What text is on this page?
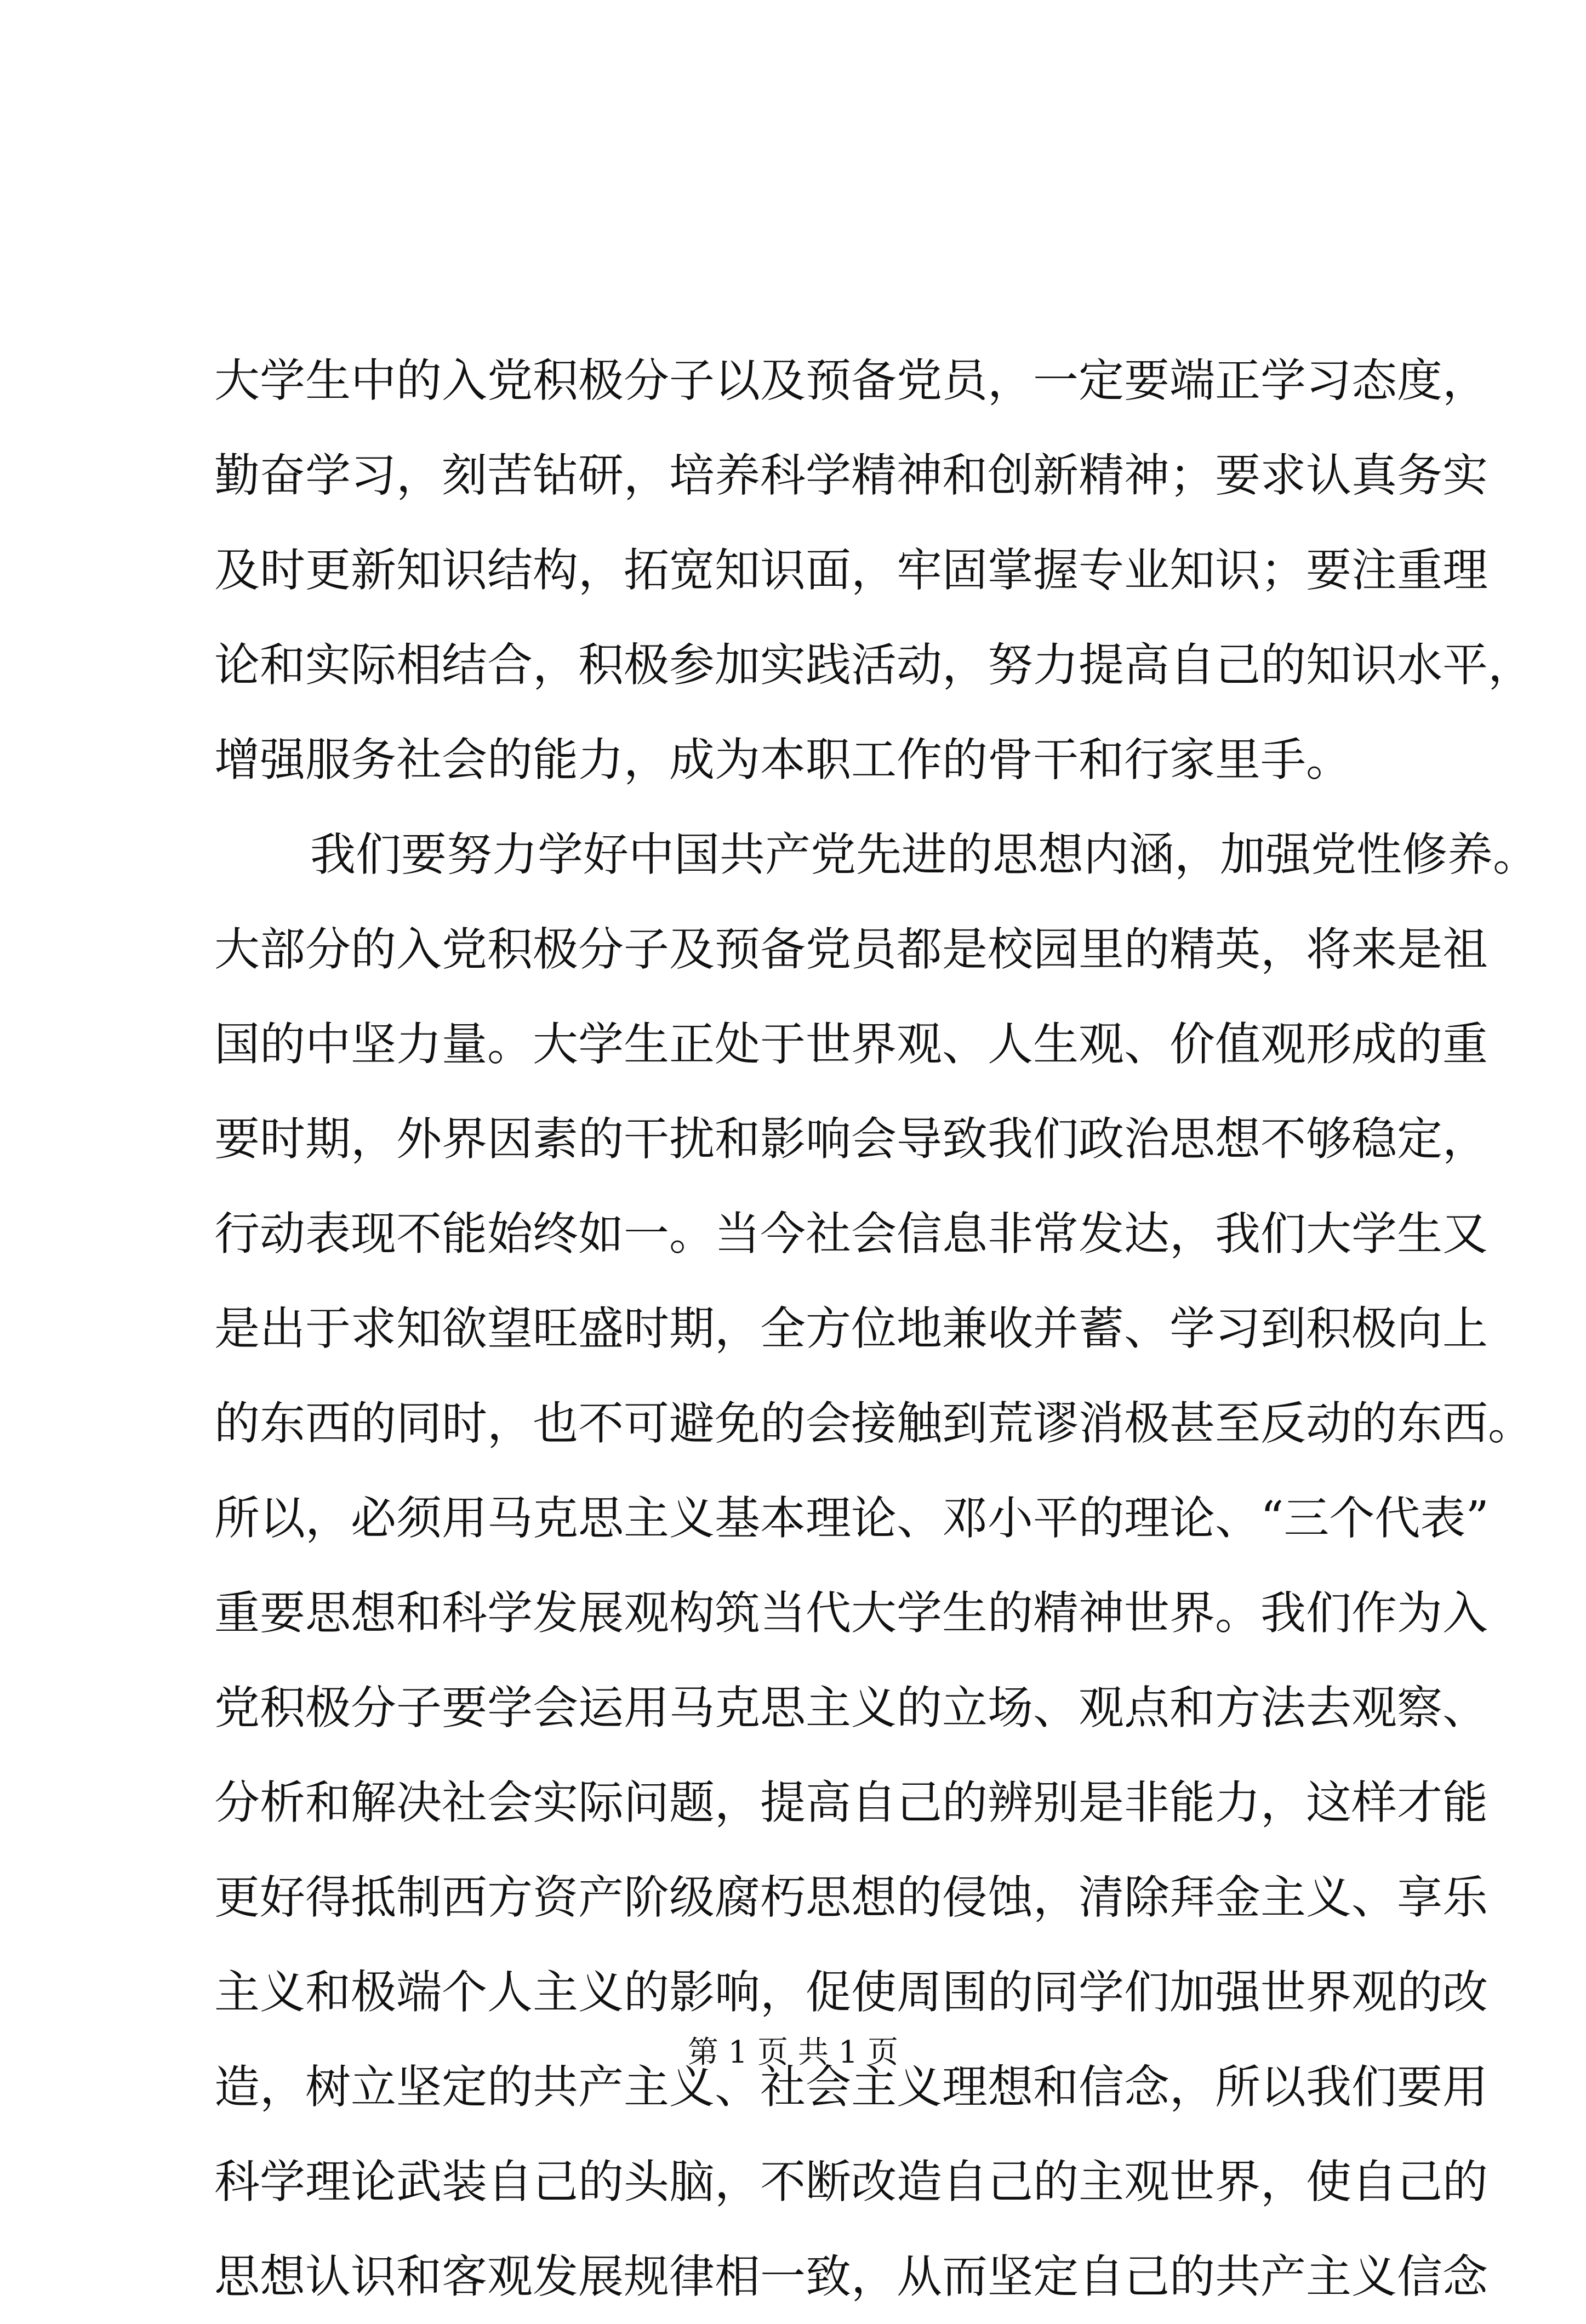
大学生中的入党积极分子以及预备党员，一定要端正学习态度，
勤奋学习，刻苦钻研，培养科学精神和创新精神；要求认真务实
及时更新知识结构，拓宽知识面，牢固掌握专业知识；要注重理
论和实际相结合，积极参加实践活动，努力提高自己的知识水平，
增强服务社会的能力，成为本职工作的骨干和行家里手。
我们要努力学好中国共产党先进的思想内涵，加强党性修养。
大部分的入党积极分子及预备党员都是校园里的精英，将来是祖
国的中坚力量。大学生正处于世界观、人生观、价值观形成的重
要时期，外界因素的干扰和影响会导致我们政治思想不够稳定，
行动表现不能始终如一。当今社会信息非常发达，我们大学生又
是出于求知欲望旺盛时期，全方位地兼收并蓄、学习到积极向上
的东西的同时，也不可避免的会接触到荒谬消极甚至反动的东西。
所以，必须用马克思主义基本理论、邓小平的理论、“三个代表”
重要思想和科学发展观构筑当代大学生的精神世界。我们作为入
党积极分子要学会运用马克思主义的立场、观点和方法去观察、
分析和解决社会实际问题，提高自己的辨别是非能力，这样才能
更好得抵制西方资产阶级腐朽思想的侵蚀，清除拜金主义、享乐
主义和极端个人主义的影响，促使周围的同学们加强世界观的改
造，树立坚定的共产主义、社会主义理想和信念，所以我们要用
科学理论武装自己的头脑，不断改造自己的主观世界，使自己的
思想认识和客观发展规律相一致，从而坚定自己的共产主义信念
第 1 页 共 1 页
